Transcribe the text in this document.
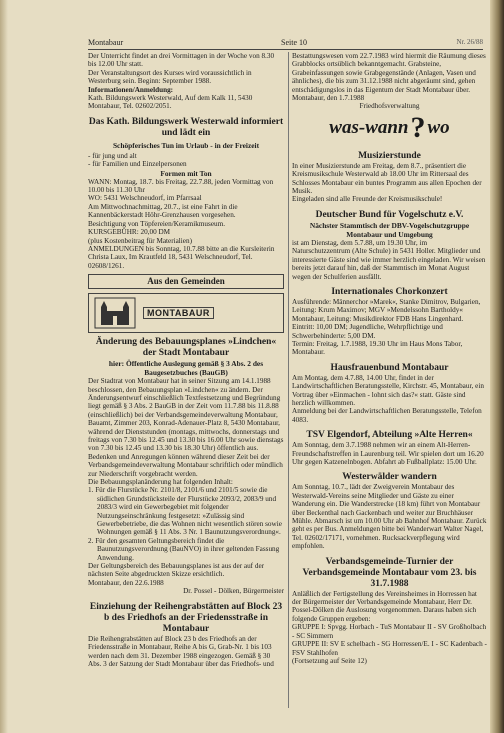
Montabaur	Seite 10	Nr. 26/88

Der Unterricht findet an drei Vormittagen in der Woche von 8.30 bis 12.00 Uhr statt.

Der Veranstaltungsort des Kurses wird voraussichtlich in Westerburg sein. Beginn: September 1988.

Informationen/Anmeldung:

Kath. Bildungswerk Westerwald, Auf dem Kalk 11, 5430 Montabaur, Tel. 02602/2051.

Das Kath. Bildungswerk Westerwald informiert und lädt ein

Schöpferisches Tun im Urlaub - in der Freizeit

- für jung und alt

- für Familien und Einzelpersonen

Formen mit Ton

WANN: Montag, 18.7. bis Freitag, 22.7.88, jeden Vormittag von 10.00 bis 11.30 Uhr

WO: 5431 Welschneudorf, im Pfarrsaal

Am Mittwochnachmittag, 20.7., ist eine Fahrt in die Kannenbäckerstadt Höhr-Grenzhausen vorgesehen.

Besichtigung von Töpfereien/Keramikmuseum.

KURSGEBÜHR: 20,00 DM

(plus Kostenbeitrag für Materialien)

ANMELDUNGEN bis Sonntag, 10.7.88 bitte an die Kursleiterin Christa Laux, Im Krautfeld 18, 5431 Welschneudorf, Tel. 02608/1261.

Aus den Gemeinden
MONTABAUR

Änderung des Bebauungsplanes »Lindchen« der Stadt Montabaur

hier: Öffentliche Auslegung gemäß § 3 Abs. 2 des Baugesetzbuches (BauGB)

Der Stadtrat von Montabaur hat in seiner Sitzung am 14.1.1988 beschlossen, den Bebauungsplan »Lindchen« zu ändern. Der Änderungsentwurf einschließlich Textfestsetzung und Begründung liegt gemäß § 3 Abs. 2 BauGB in der Zeit vom 11.7.88 bis 11.8.88 (einschließlich) bei der Verbandsgemeindeverwaltung Montabaur, Bauamt, Zimmer 203, Konrad-Adenauer-Platz 8, 5430 Montabaur, während der Dienststunden (montags, mittwochs, donnerstags und freitags von 7.30 bis 12.45 und 13.30 bis 16.00 Uhr sowie dienstags von 7.30 bis 12.45 und 13.30 bis 18.30 Uhr) öffentlich aus.

Bedenken und Anregungen können während dieser Zeit bei der Verbandsgemeindeverwaltung Montabaur schriftlich oder mündlich zur Niederschrift vorgebracht werden.

Die Bebauungsplanänderung hat folgenden Inhalt:

1. Für die Flurstücke Nr. 2101/8, 2101/6 und 2101/5 sowie die südlichen Grundstücksteile der Flurstücke 2093/2, 2083/9 und 2083/3 wird ein Gewerbegebiet mit folgender Nutzungseinschränkung festgesetzt: »Zulässig sind Gewerbebetriebe, die das Wohnen nicht wesentlich stören sowie Wohnungen gemäß § 11 Abs. 3 Nr. 1 Baunutzungsverordnung«.

2. Für den gesamten Geltungsbereich findet die Baunutzungsverordnung (BauNVO) in ihrer geltenden Fassung Anwendung.

Der Geltungsbereich des Bebauungsplanes ist aus der auf der nächsten Seite abgedruckten Skizze ersichtlich.

Montabaur, den 22.6.1988

Dr. Possel - Dölken, Bürgermeister

Einziehung der Reihengrabstätten auf Block 23 b des Friedhofs an der Friedensstraße in Montabaur

Die Reihengrabstätten auf Block 23 b des Friedhofs an der Friedensstraße in Montabaur, Reihe A bis G, Grab-Nr. 1 bis 103 werden nach dem 31. Dezember 1988 eingezogen. Gemäß § 30 Abs. 3 der Satzung der Stadt Montabaur über das Friedhofs- und

Bestattungswesen vom 22.7.1983 wird hiermit die Räumung dieses Grabblocks ortsüblich bekanntgemacht. Grabsteine, Grabeinfassungen sowie Grabgegenstände (Anlagen, Vasen und ähnliches), die bis zum 31.12.1988 nicht abgeräumt sind, gehen entschädigungslos in das Eigentum der Stadt Montabaur über.

Montabaur, den 1.7.1988

Friedhofsverwaltung

was-wann ? wo

Musizierstunde

In einer Musizierstunde am Freitag, dem 8.7., präsentiert die Kreismusikschule Westerwald ab 18.00 Uhr im Rittersaal des Schlosses Montabaur ein buntes Programm aus allen Epochen der Musik.

Eingeladen sind alle Freunde der Kreismusikschule!

Deutscher Bund für Vogelschutz e.V.

Nächster Stammtisch der DBV-Vogelschutzgruppe Montabaur und Umgebung

ist am Dienstag, dem 5.7.88, um 19.30 Uhr, im Naturschutzzentrum (Alte Schule) in 5431 Holler. Mitglieder und interessierte Gäste sind wie immer herzlich eingeladen. Wir weisen bereits jetzt darauf hin, daß der Stammtisch im Monat August wegen der Schulferien ausfällt.

Internationales Chorkonzert

Ausführende: Männerchor »Marek«, Stanke Dimitrov, Bulgarien, Leitung: Krum Maximov; MGV »Mendelssohn Bartholdy« Montabaur, Leitung: Musikdirektor FDB Hans Lingenhard.

Eintritt: 10,00 DM; Jugendliche, Wehrpflichtige und Schwerbehinderte: 5,00 DM.

Termin: Freitag, 1.7.1988, 19.30 Uhr im Haus Mons Tabor, Montabaur.

Hausfrauenbund Montabaur

Am Montag, dem 4.7.88, 14.00 Uhr, findet in der Landwirtschaftlichen Beratungsstelle, Kirchstr. 45, Montabaur, ein Vortrag über »Einmachen - lohnt sich das?« statt. Gäste sind herzlich willkommen.

Anmeldung bei der Landwirtschaftlichen Beratungsstelle, Telefon 4083.

TSV Elgendorf, Abteilung »Alte Herren«

Am Sonntag, dem 3.7.1988 nehmen wir an einem Alt-Herren-Freundschaftstreffen in Laurenburg teil. Wir spielen dort um 16.20 Uhr gegen Katzenelnbogen. Abfahrt ab Fußballplatz: 15.00 Uhr.

Westerwälder wandern

Am Sonntag, 10.7., lädt der Zweigverein Montabaur des Westerwald-Vereins seine Mitglieder und Gäste zu einer Wanderung ein. Die Wanderstrecke (18 km) führt von Montabaur über Beckenthal nach Gackenbach und weiter zur Bruchhäuser Mühle. Abmarsch ist um 10.00 Uhr ab Bahnhof Montabaur. Zurück geht es per Bus. Anmeldungen bitte bei Wanderwart Walter Nagel, Tel. 02602/17171, vornehmen. Rucksackverpflegung wird empfohlen.

Verbandsgemeinde-Turnier der Verbandsgemeinde Montabaur vom 23. bis 31.7.1988

Anläßlich der Fertigstellung des Vereinsheimes in Horressen hat der Bürgermeister der Verbandsgemeinde Montabaur, Herr Dr. Possel-Dölken die Auslosung vorgenommen. Daraus haben sich folgende Gruppen ergeben:

GRUPPE I: Spvgg. Horbach - TuS Montabaur II - SV Großholbach - SC Simmern

GRUPPE II: SV E schelbach - SG Horressen/E. I - SC Kadenbach - FSV Stahlhofen

(Fortsetzung auf Seite 12)
